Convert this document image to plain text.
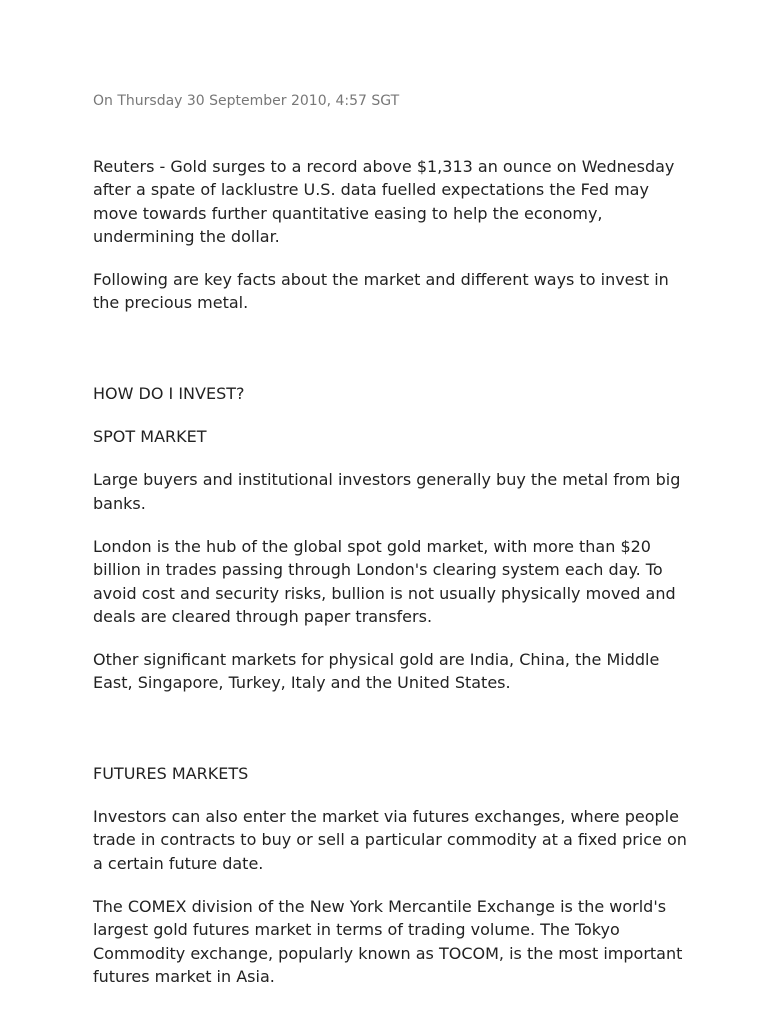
On Thursday 30 September 2010, 4:57 SGT

Reuters - Gold surges to a record above $1,313 an ounce on Wednesday after a spate of lacklustre U.S. data fuelled expectations the Fed may move towards further quantitative easing to help the economy, undermining the dollar.

Following are key facts about the market and different ways to invest in the precious metal.

HOW DO I INVEST?
SPOT MARKET

Large buyers and institutional investors generally buy the metal from big banks.

London is the hub of the global spot gold market, with more than $20 billion in trades passing through London's clearing system each day. To avoid cost and security risks, bullion is not usually physically moved and deals are cleared through paper transfers.

Other significant markets for physical gold are India, China, the Middle East, Singapore, Turkey, Italy and the United States.

FUTURES MARKETS

Investors can also enter the market via futures exchanges, where people trade in contracts to buy or sell a particular commodity at a fixed price on a certain future date.

The COMEX division of the New York Mercantile Exchange is the world's largest gold futures market in terms of trading volume. The Tokyo Commodity exchange, popularly known as TOCOM, is the most important futures market in Asia.
